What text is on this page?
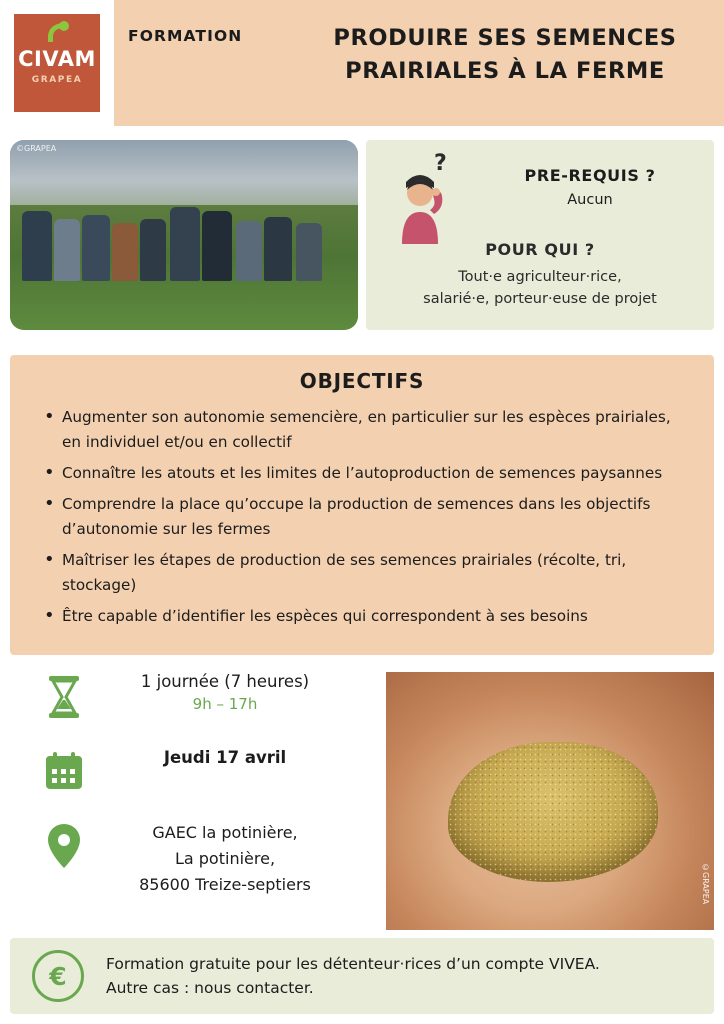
CIVAM
GRAPEA
FORMATION	PRODUIRE SES SEMENCES PRAIRIALES À LA FERME
©GRAPEA
?	PRE-REQUIS ?
Aucun
POUR QUI ?
Tout·e agriculteur·rice,
salarié·e, porteur·euse de projet
OBJECTIFS
• Augmenter son autonomie semencière, en particulier sur les espèces prairiales, en individuel et/ou en collectif
• Connaître les atouts et les limites de l’autoproduction de semences paysannes
• Comprendre la place qu’occupe la production de semences dans les objectifs d’autonomie sur les fermes
• Maîtriser les étapes de production de ses semences prairiales (récolte, tri, stockage)
• Être capable d’identifier les espèces qui correspondent à ses besoins
1 journée (7 heures)
9h – 17h
Jeudi 17 avril
GAEC la potinière,
La potinière,
85600 Treize-septiers	©GRAPEA
€	Formation gratuite pour les détenteur·rices d’un compte VIVEA.
Autre cas : nous contacter.
